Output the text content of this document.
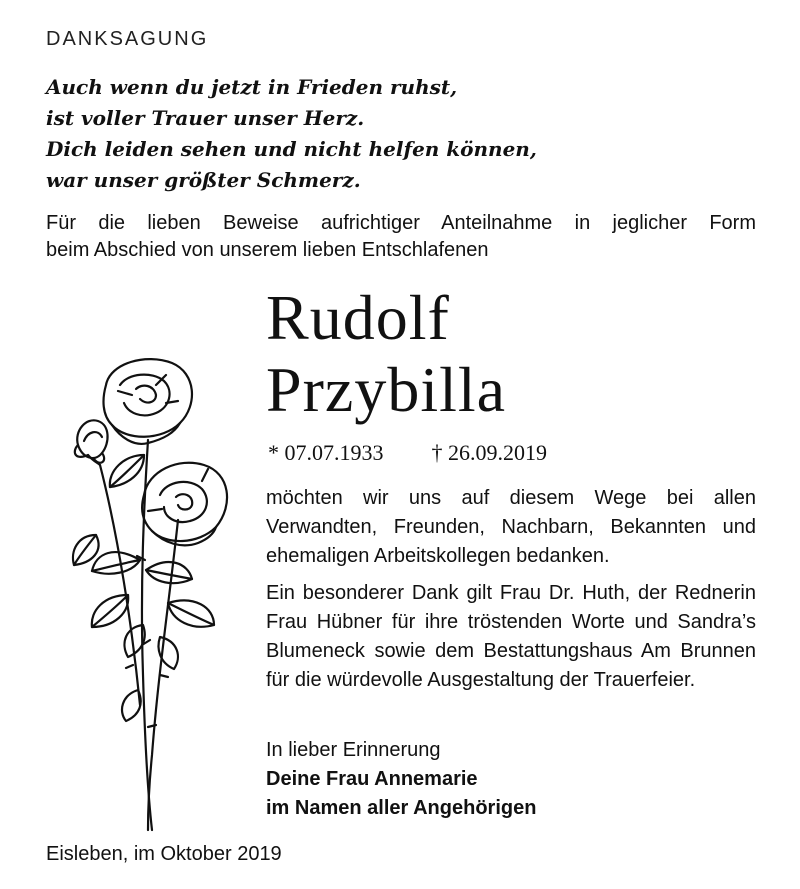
DANKSAGUNG
Auch wenn du jetzt in Frieden ruhst,
ist voller Trauer unser Herz.
Dich leiden sehen und nicht helfen können,
war unser größter Schmerz.
Für die lieben Beweise aufrichtiger Anteilnahme in jeglicher Form
beim Abschied von unserem lieben Entschlafenen
Rudolf
Przybilla
* 07.07.1933 † 26.09.2019

möchten wir uns auf diesem Wege bei allen Verwandten, Freunden, Nachbarn, Bekannten und ehemaligen Arbeitskollegen bedanken.

Ein besonderer Dank gilt Frau Dr. Huth, der Rednerin Frau Hübner für ihre tröstenden Worte und Sandra’s Blumeneck sowie dem Bestattungshaus Am Brunnen für die würdevolle Ausgestaltung der Trauerfeier.

In lieber Erinnerung
Deine Frau Annemarie
im Namen aller Angehörigen
Eisleben, im Oktober 2019
